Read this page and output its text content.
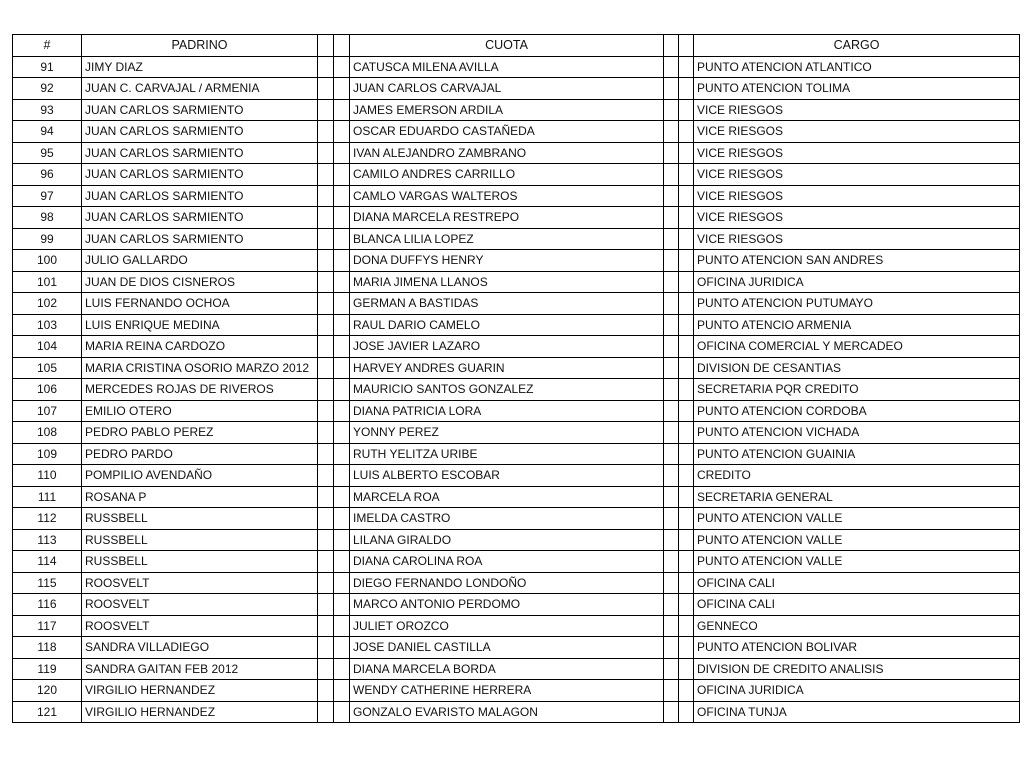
#	PADRINO			CUOTA			CARGO
91	JIMY DIAZ			CATUSCA MILENA AVILLA			PUNTO ATENCION ATLANTICO
92	JUAN C. CARVAJAL / ARMENIA			JUAN CARLOS CARVAJAL			PUNTO ATENCION TOLIMA
93	JUAN CARLOS SARMIENTO			JAMES EMERSON ARDILA			VICE RIESGOS
94	JUAN CARLOS SARMIENTO			OSCAR EDUARDO CASTAÑEDA			VICE RIESGOS
95	JUAN CARLOS SARMIENTO			IVAN ALEJANDRO ZAMBRANO			VICE RIESGOS
96	JUAN CARLOS SARMIENTO			CAMILO ANDRES CARRILLO			VICE RIESGOS
97	JUAN CARLOS SARMIENTO			CAMLO VARGAS WALTEROS			VICE RIESGOS
98	JUAN CARLOS SARMIENTO			DIANA MARCELA RESTREPO			VICE RIESGOS
99	JUAN CARLOS SARMIENTO			BLANCA LILIA LOPEZ			VICE RIESGOS
100	JULIO GALLARDO			DONA DUFFYS HENRY			PUNTO ATENCION SAN ANDRES
101	JUAN DE DIOS CISNEROS			MARIA JIMENA LLANOS			OFICINA JURIDICA
102	LUIS FERNANDO OCHOA			GERMAN A BASTIDAS			PUNTO ATENCION PUTUMAYO
103	LUIS ENRIQUE MEDINA			RAUL DARIO CAMELO			PUNTO ATENCIO ARMENIA
104	MARIA REINA CARDOZO			JOSE JAVIER LAZARO			OFICINA COMERCIAL Y MERCADEO
105	MARIA CRISTINA OSORIO MARZO 2012			HARVEY ANDRES GUARIN			DIVISION DE CESANTIAS
106	MERCEDES ROJAS DE RIVEROS			MAURICIO SANTOS GONZALEZ			SECRETARIA PQR CREDITO
107	EMILIO OTERO			DIANA PATRICIA LORA			PUNTO ATENCION CORDOBA
108	PEDRO PABLO PEREZ			YONNY PEREZ			PUNTO ATENCION VICHADA
109	PEDRO PARDO			RUTH YELITZA URIBE			PUNTO ATENCION GUAINIA
110	POMPILIO AVENDAÑO			LUIS ALBERTO ESCOBAR			CREDITO
111	ROSANA P			MARCELA ROA			SECRETARIA GENERAL
112	RUSSBELL			IMELDA CASTRO			PUNTO ATENCION VALLE
113	RUSSBELL			LILANA GIRALDO			PUNTO ATENCION VALLE
114	RUSSBELL			DIANA CAROLINA ROA			PUNTO ATENCION VALLE
115	ROOSVELT			DIEGO FERNANDO LONDOÑO			OFICINA CALI
116	ROOSVELT			MARCO ANTONIO PERDOMO			OFICINA CALI
117	ROOSVELT			JULIET OROZCO			GENNECO
118	SANDRA VILLADIEGO			JOSE DANIEL CASTILLA			PUNTO ATENCION BOLIVAR
119	SANDRA GAITAN FEB 2012			DIANA MARCELA BORDA			DIVISION DE CREDITO ANALISIS
120	VIRGILIO HERNANDEZ			WENDY CATHERINE HERRERA			OFICINA JURIDICA
121	VIRGILIO HERNANDEZ			GONZALO EVARISTO MALAGON			OFICINA TUNJA
